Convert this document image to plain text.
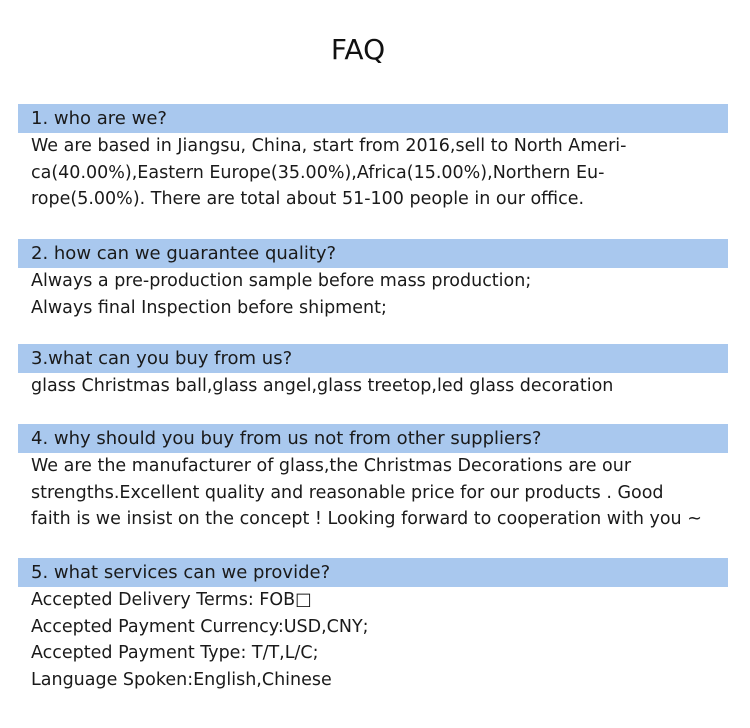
FAQ
1. who are we?
We are based in Jiangsu, China, start from 2016,sell to North Ameri-
ca(40.00%),Eastern Europe(35.00%),Africa(15.00%),Northern Eu-
rope(5.00%). There are total about 51-100 people in our office.
2. how can we guarantee quality?
Always a pre-production sample before mass production;
Always final Inspection before shipment;
3.what can you buy from us?
glass Christmas ball,glass angel,glass treetop,led glass decoration
4. why should you buy from us not from other suppliers?
We are the manufacturer of glass,the Christmas Decorations are our
strengths.Excellent quality and reasonable price for our products . Good
faith is we insist on the concept ! Looking forward to cooperation with you ~
5. what services can we provide?
Accepted Delivery Terms: FOB□
Accepted Payment Currency:USD,CNY;
Accepted Payment Type: T/T,L/C;
Language Spoken:English,Chinese
